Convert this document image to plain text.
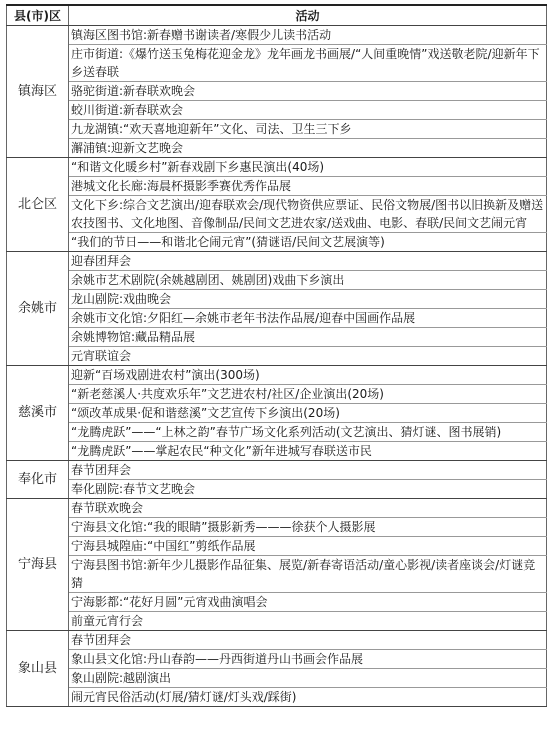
县(市)区	活动
镇海区	镇海区图书馆:新春赠书谢读者/寒假少儿读书活动

	庄市街道:《爆竹送玉兔梅花迎金龙》龙年画龙书画展/“人间重晚情”戏送敬老院/迎新年下乡送春联

	骆驼街道:新春联欢晚会

	蛟川街道:新春联欢会

	九龙湖镇:“欢天喜地迎新年”文化、司法、卫生三下乡

	澥浦镇:迎新文艺晚会

北仑区	“和谐文化暖乡村”新春戏剧下乡惠民演出(40场)

	港城文化长廊:海晨杯摄影季赛优秀作品展

	文化下乡:综合文艺演出/迎春联欢会/现代物资供应票证、民俗文物展/图书以旧换新及赠送农技图书、文化地图、音像制品/民间文艺进农家/送戏曲、电影、春联/民间文艺闹元宵

	“我们的节日——和谐北仑闹元宵”(猜谜语/民间文艺展演等)

余姚市	迎春团拜会

	余姚市艺术剧院(余姚越剧团、姚剧团)戏曲下乡演出

	龙山剧院:戏曲晚会

	余姚市文化馆:夕阳红—余姚市老年书法作品展/迎春中国画作品展

	余姚博物馆:藏品精品展

	元宵联谊会

慈溪市	迎新“百场戏剧进农村”演出(300场)

	“新老慈溪人·共度欢乐年”文艺进农村/社区/企业演出(20场)

	“颂改革成果·促和谐慈溪”文艺宣传下乡演出(20场)

	“龙腾虎跃”——“上林之韵”春节广场文化系列活动(文艺演出、猜灯谜、图书展销)

	“龙腾虎跃”——掌起农民“种文化”新年进城写春联送市民

奉化市	春节团拜会

	奉化剧院:春节文艺晚会

宁海县	春节联欢晚会

	宁海县文化馆:“我的眼睛”摄影新秀———徐获个人摄影展

	宁海县城隍庙:“中国红”剪纸作品展

	宁海县图书馆:新年少儿摄影作品征集、展览/新春寄语活动/童心影视/读者座谈会/灯谜竞猜

	宁海影都:“花好月圆”元宵戏曲演唱会

	前童元宵行会

象山县	春节团拜会

	象山县文化馆:丹山春韵——丹西街道丹山书画会作品展

	象山剧院:越剧演出

	闹元宵民俗活动(灯展/猜灯谜/灯头戏/踩街)
